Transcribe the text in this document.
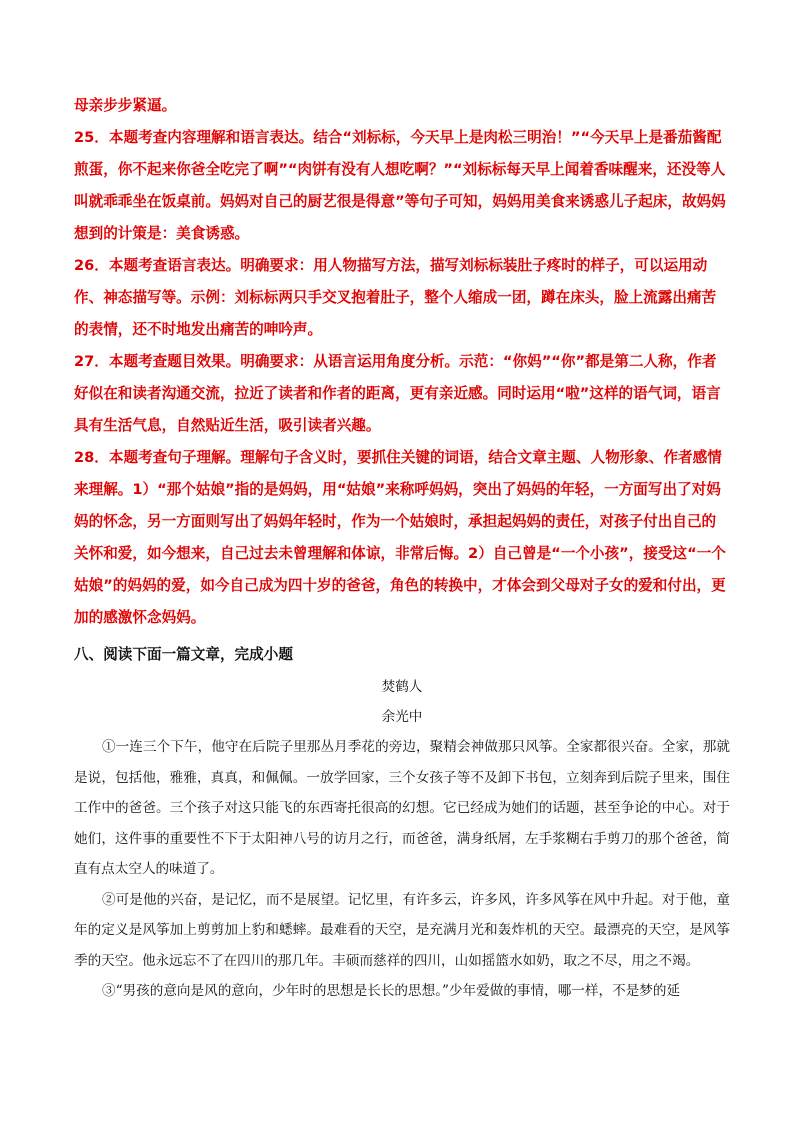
母亲步步紧逼。

25．本题考查内容理解和语言表达。结合“刘标标，今天早上是肉松三明治！”“今天早上是番茄酱配煎蛋，你不起来你爸全吃完了啊”“肉饼有没有人想吃啊？”“刘标标每天早上闻着香味醒来，还没等人叫就乖乖坐在饭桌前。妈妈对自己的厨艺很是得意”等句子可知，妈妈用美食来诱惑儿子起床，故妈妈想到的计策是：美食诱惑。

26．本题考查语言表达。明确要求：用人物描写方法，描写刘标标装肚子疼时的样子，可以运用动作、神态描写等。示例：刘标标两只手交叉抱着肚子，整个人缩成一团，蹲在床头，脸上流露出痛苦的表情，还不时地发出痛苦的呻吟声。

27．本题考查题目效果。明确要求：从语言运用角度分析。示范：“你妈”“你”都是第二人称，作者好似在和读者沟通交流，拉近了读者和作者的距离，更有亲近感。同时运用“啦”这样的语气词，语言具有生活气息，自然贴近生活，吸引读者兴趣。

28．本题考查句子理解。理解句子含义时，要抓住关键的词语，结合文章主题、人物形象、作者感情来理解。1）“那个姑娘”指的是妈妈，用“姑娘”来称呼妈妈，突出了妈妈的年轻，一方面写出了对妈妈的怀念，另一方面则写出了妈妈年轻时，作为一个姑娘时，承担起妈妈的责任，对孩子付出自己的关怀和爱，如今想来，自己过去未曾理解和体谅，非常后悔。2）自己曾是“一个小孩”，接受这“一个姑娘”的妈妈的爱，如今自己成为四十岁的爸爸，角色的转换中，才体会到父母对子女的爱和付出，更加的感激怀念妈妈。

八、阅读下面一篇文章，完成小题
焚鹤人
余光中

①一连三个下午，他守在后院子里那丛月季花的旁边，聚精会神做那只风筝。全家都很兴奋。全家，那就是说，包括他，雅雅，真真，和佩佩。一放学回家，三个女孩子等不及卸下书包，立刻奔到后院子里来，围住工作中的爸爸。三个孩子对这只能飞的东西寄托很高的幻想。它已经成为她们的话题，甚至争论的中心。对于她们，这件事的重要性不下于太阳神八号的访月之行，而爸爸，满身纸屑，左手浆糊右手剪刀的那个爸爸，简直有点太空人的味道了。

②可是他的兴奋，是记忆，而不是展望。记忆里，有许多云，许多风，许多风筝在风中升起。对于他，童年的定义是风筝加上剪剪加上豹和蟋蟀。最难看的天空，是充满月光和轰炸机的天空。最漂亮的天空，是风筝季的天空。他永远忘不了在四川的那几年。丰硕而慈祥的四川，山如摇篮水如奶，取之不尽，用之不竭。

③“男孩的意向是风的意向，少年时的思想是长长的思想。”少年爱做的事情，哪一样，不是梦的延
